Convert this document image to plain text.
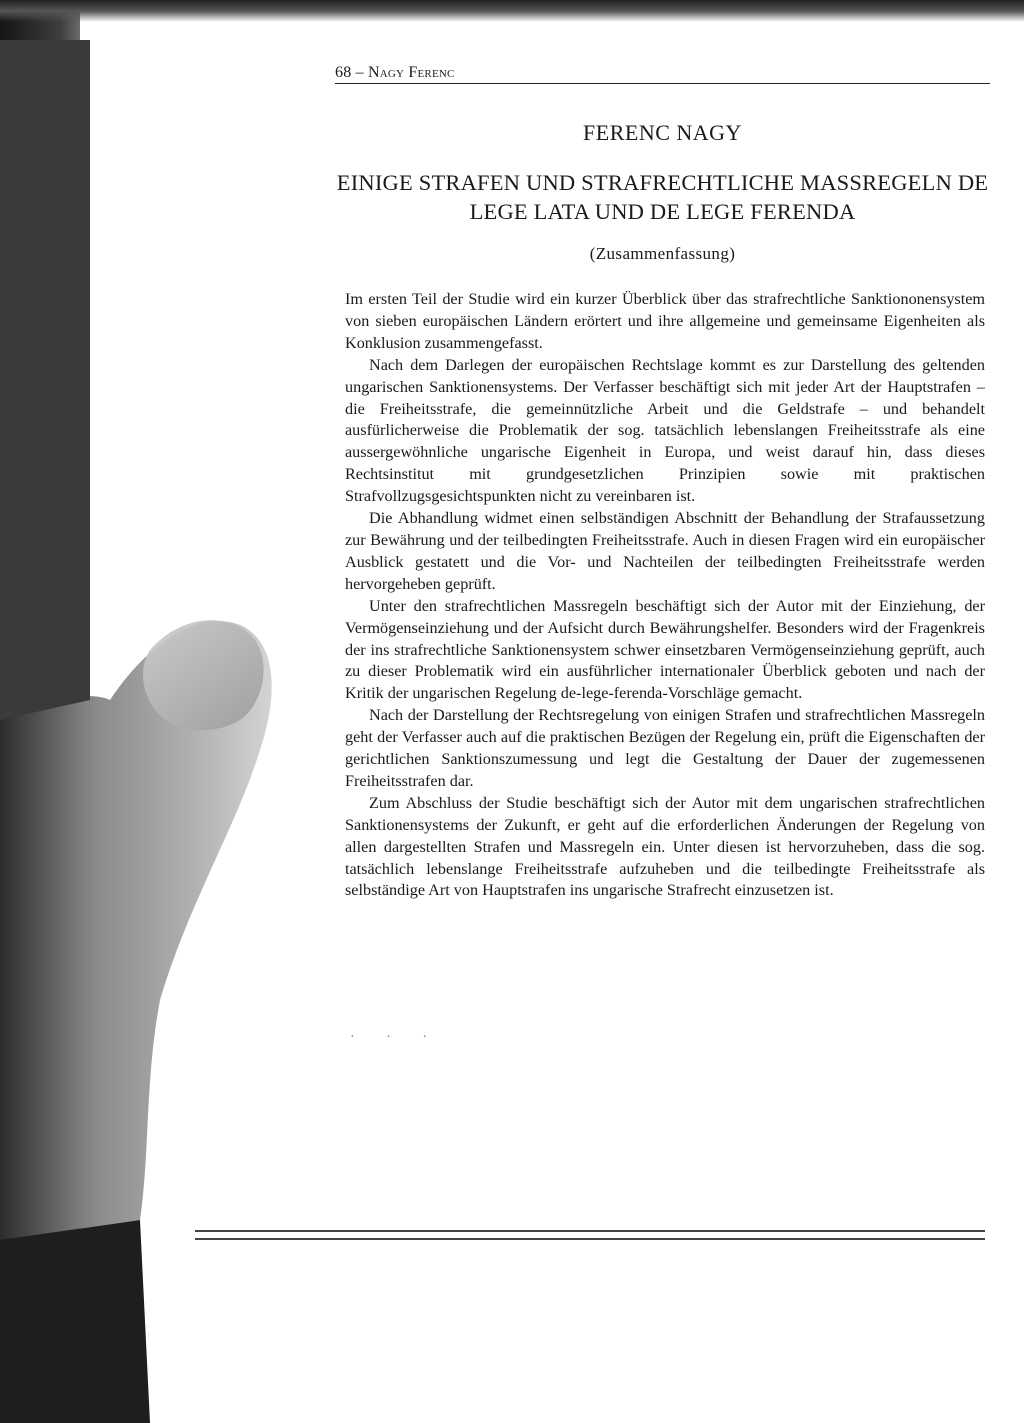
68 – Nagy Ferenc
FERENC NAGY
EINIGE STRAFEN UND STRAFRECHTLICHE MASSREGELN DE LEGE LATA UND DE LEGE FERENDA
(Zusammenfassung)

Im ersten Teil der Studie wird ein kurzer Überblick über das strafrechtliche Sanktiononensystem von sieben europäischen Ländern erörtert und ihre allgemeine und gemeinsame Eigenheiten als Konklusion zusammengefasst.

Nach dem Darlegen der europäischen Rechtslage kommt es zur Darstellung des geltenden ungarischen Sanktionensystems. Der Verfasser beschäftigt sich mit jeder Art der Hauptstrafen – die Freiheitsstrafe, die gemeinnützliche Arbeit und die Geldstrafe – und behandelt ausfürlicherweise die Problematik der sog. tatsächlich lebenslangen Freiheitsstrafe als eine aussergewöhnliche ungarische Eigenheit in Europa, und weist darauf hin, dass dieses Rechtsinstitut mit grundgesetzlichen Prinzipien sowie mit praktischen Strafvollzugsgesichtspunkten nicht zu vereinbaren ist.

Die Abhandlung widmet einen selbständigen Abschnitt der Behandlung der Strafaussetzung zur Bewährung und der teilbedingten Freiheitsstrafe. Auch in diesen Fragen wird ein europäischer Ausblick gestatett und die Vor- und Nachteilen der teilbedingten Freiheitsstrafe werden hervorgeheben geprüft.

Unter den strafrechtlichen Massregeln beschäftigt sich der Autor mit der Einziehung, der Vermögenseinziehung und der Aufsicht durch Bewährungshelfer. Besonders wird der Fragenkreis der ins strafrechtliche Sanktionensystem schwer einsetzbaren Vermögenseinziehung geprüft, auch zu dieser Problematik wird ein ausführlicher internationaler Überblick geboten und nach der Kritik der ungarischen Regelung de-lege-ferenda-Vorschläge gemacht.

Nach der Darstellung der Rechtsregelung von einigen Strafen und strafrechtlichen Massregeln geht der Verfasser auch auf die praktischen Bezügen der Regelung ein, prüft die Eigenschaften der gerichtlichen Sanktionszumessung und legt die Gestaltung der Dauer der zugemessenen Freiheitsstrafen dar.

Zum Abschluss der Studie beschäftigt sich der Autor mit dem ungarischen strafrechtlichen Sanktionensystems der Zukunft, er geht auf die erforderlichen Änderungen der Regelung von allen dargestellten Strafen und Massregeln ein. Unter diesen ist hervorzuheben, dass die sog. tatsächlich lebenslange Freiheitsstrafe aufzuheben und die teilbedingte Freiheitsstrafe als selbständige Art von Hauptstrafen ins ungarische Strafrecht einzusetzen ist.

· · ·
